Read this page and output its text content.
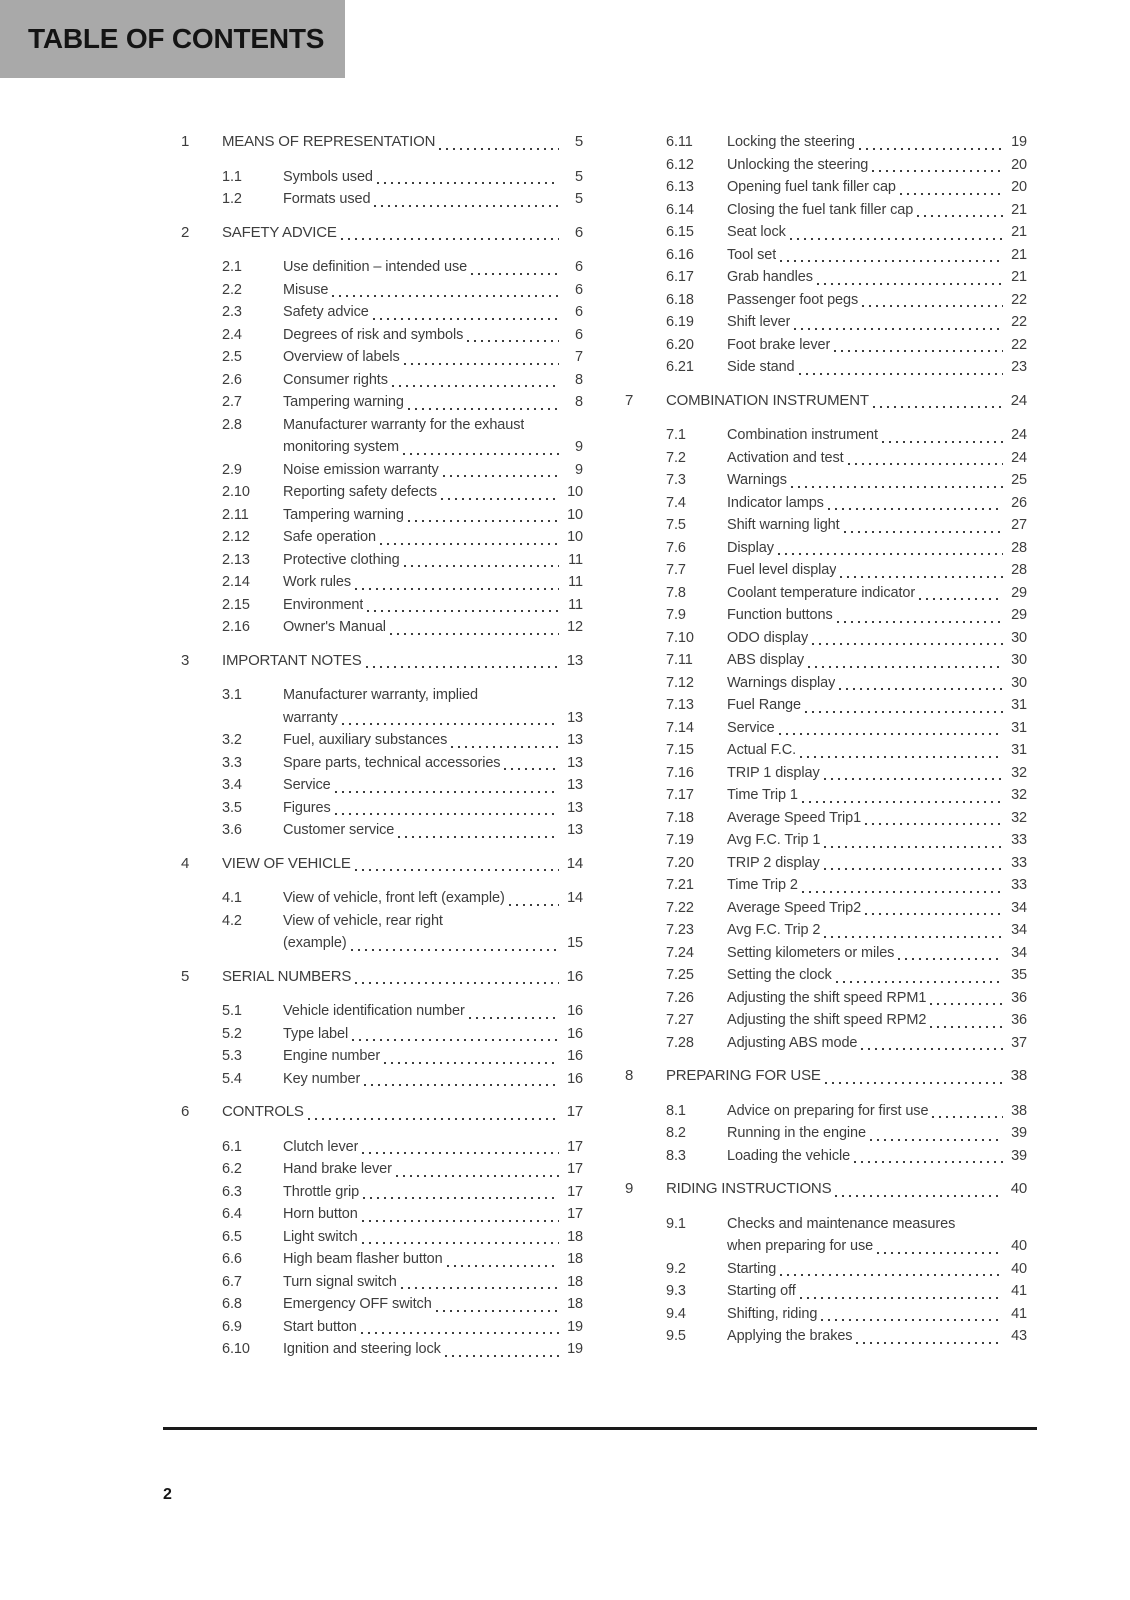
TABLE OF CONTENTS
1	MEANS OF REPRESENTATION	5
1.1	Symbols used	5
1.2	Formats used	5
2	SAFETY ADVICE	6
2.1	Use definition – intended use	6
2.2	Misuse	6
2.3	Safety advice	6
2.4	Degrees of risk and symbols	6
2.5	Overview of labels	7
2.6	Consumer rights	8
2.7	Tampering warning	8
2.8	Manufacturer warranty for the exhaust
monitoring system	9
2.9	Noise emission warranty	9
2.10	Reporting safety defects	10
2.11	Tampering warning	10
2.12	Safe operation	10
2.13	Protective clothing	11
2.14	Work rules	11
2.15	Environment	11
2.16	Owner's Manual	12
3	IMPORTANT NOTES	13
3.1	Manufacturer warranty, implied
warranty	13
3.2	Fuel, auxiliary substances	13
3.3	Spare parts, technical accessories	13
3.4	Service	13
3.5	Figures	13
3.6	Customer service	13
4	VIEW OF VEHICLE	14
4.1	View of vehicle, front left (example)	14
4.2	View of vehicle, rear right
(example)	15
5	SERIAL NUMBERS	16
5.1	Vehicle identification number	16
5.2	Type label	16
5.3	Engine number	16
5.4	Key number	16
6	CONTROLS	17
6.1	Clutch lever	17
6.2	Hand brake lever	17
6.3	Throttle grip	17
6.4	Horn button	17
6.5	Light switch	18
6.6	High beam flasher button	18
6.7	Turn signal switch	18
6.8	Emergency OFF switch	18
6.9	Start button	19
6.10	Ignition and steering lock	19
6.11	Locking the steering	19
6.12	Unlocking the steering	20
6.13	Opening fuel tank filler cap	20
6.14	Closing the fuel tank filler cap	21
6.15	Seat lock	21
6.16	Tool set	21
6.17	Grab handles	21
6.18	Passenger foot pegs	22
6.19	Shift lever	22
6.20	Foot brake lever	22
6.21	Side stand	23
7	COMBINATION INSTRUMENT	24
7.1	Combination instrument	24
7.2	Activation and test	24
7.3	Warnings	25
7.4	Indicator lamps	26
7.5	Shift warning light	27
7.6	Display	28
7.7	Fuel level display	28
7.8	Coolant temperature indicator	29
7.9	Function buttons	29
7.10	ODO display	30
7.11	ABS display	30
7.12	Warnings display	30
7.13	Fuel Range	31
7.14	Service	31
7.15	Actual F.C.	31
7.16	TRIP 1 display	32
7.17	Time Trip 1	32
7.18	Average Speed Trip1	32
7.19	Avg F.C. Trip 1	33
7.20	TRIP 2 display	33
7.21	Time Trip 2	33
7.22	Average Speed Trip2	34
7.23	Avg F.C. Trip 2	34
7.24	Setting kilometers or miles	34
7.25	Setting the clock	35
7.26	Adjusting the shift speed RPM1	36
7.27	Adjusting the shift speed RPM2	36
7.28	Adjusting ABS mode	37
8	PREPARING FOR USE	38
8.1	Advice on preparing for first use	38
8.2	Running in the engine	39
8.3	Loading the vehicle	39
9	RIDING INSTRUCTIONS	40
9.1	Checks and maintenance measures
when preparing for use	40
9.2	Starting	40
9.3	Starting off	41
9.4	Shifting, riding	41
9.5	Applying the brakes	43
2
